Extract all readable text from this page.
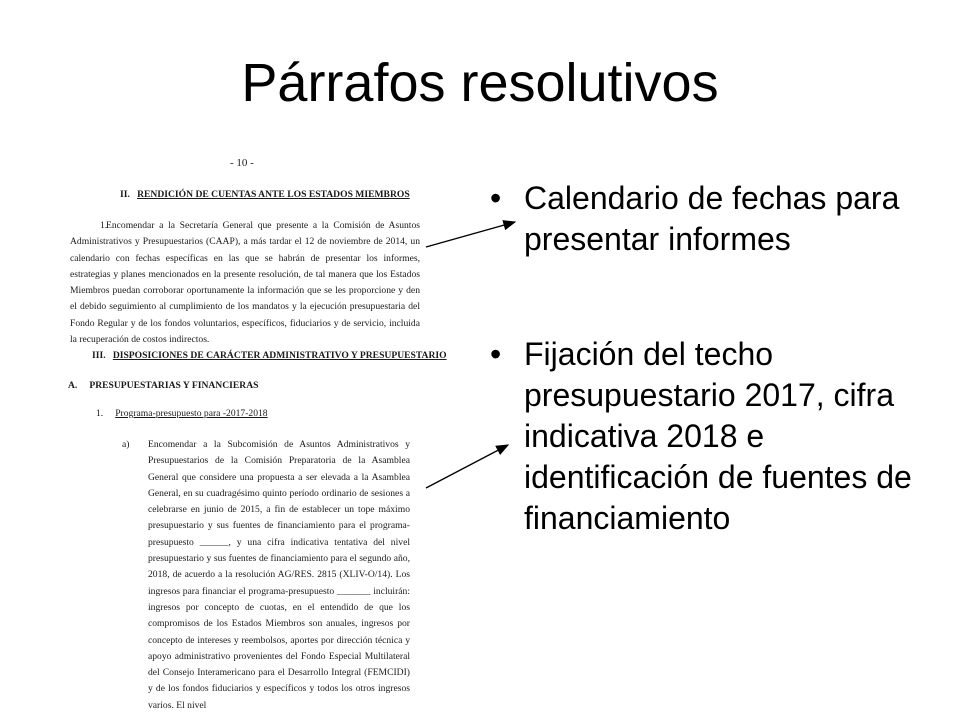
Párrafos resolutivos
- 10 -
II. RENDICIÓN DE CUENTAS ANTE LOS ESTADOS MIEMBROS
1.

Encomendar a la Secretaría General que presente a la Comisión de Asuntos Administrativos y Presupuestarios (CAAP), a más tardar el 12 de noviembre de 2014, un calendario con fechas específicas en las que se habrán de presentar los informes, estrategias y planes mencionados en la presente resolución, de tal manera que los Estados Miembros puedan corroborar oportunamente la información que se les proporcione y den el debido seguimiento al cumplimiento de los mandatos y la ejecución presupuestaria del Fondo Regular y de los fondos voluntarios, específicos, fiduciarios y de servicio, incluida la recuperación de costos indirectos.

III. DISPOSICIONES DE CARÁCTER ADMINISTRATIVO Y PRESUPUESTARIO
A. PRESUPUESTARIAS Y FINANCIERAS
1. Programa-presupuesto para -2017-2018
a) Encomendar a la Subcomisión de Asuntos Administrativos y Presupuestarios de la Comisión Preparatoria de la Asamblea General que considere una propuesta a ser elevada a la Asamblea General, en su cuadragésimo quinto período ordinario de sesiones a celebrarse en junio de 2015, a fin de establecer un tope máximo presupuestario y sus fuentes de financiamiento para el programa-presupuesto ______, y una cifra indicativa tentativa del nivel presupuestario y sus fuentes de financiamiento para el segundo año, 2018, de acuerdo a la resolución AG/RES. 2815 (XLIV-O/14). Los ingresos para financiar el programa-presupuesto _______ incluirán: ingresos por concepto de cuotas, en el entendido de que los compromisos de los Estados Miembros son anuales, ingresos por concepto de intereses y reembolsos, aportes por dirección técnica y apoyo administrativo provenientes del Fondo Especial Multilateral del Consejo Interamericano para el Desarrollo Integral (FEMCIDI) y de los fondos fiduciarios y específicos y todos los otros ingresos varios. El nivel

• Calendario de fechas para presentar informes
• Fijación del techo presupuestario 2017, cifra indicativa 2018 e identificación de fuentes de financiamiento
